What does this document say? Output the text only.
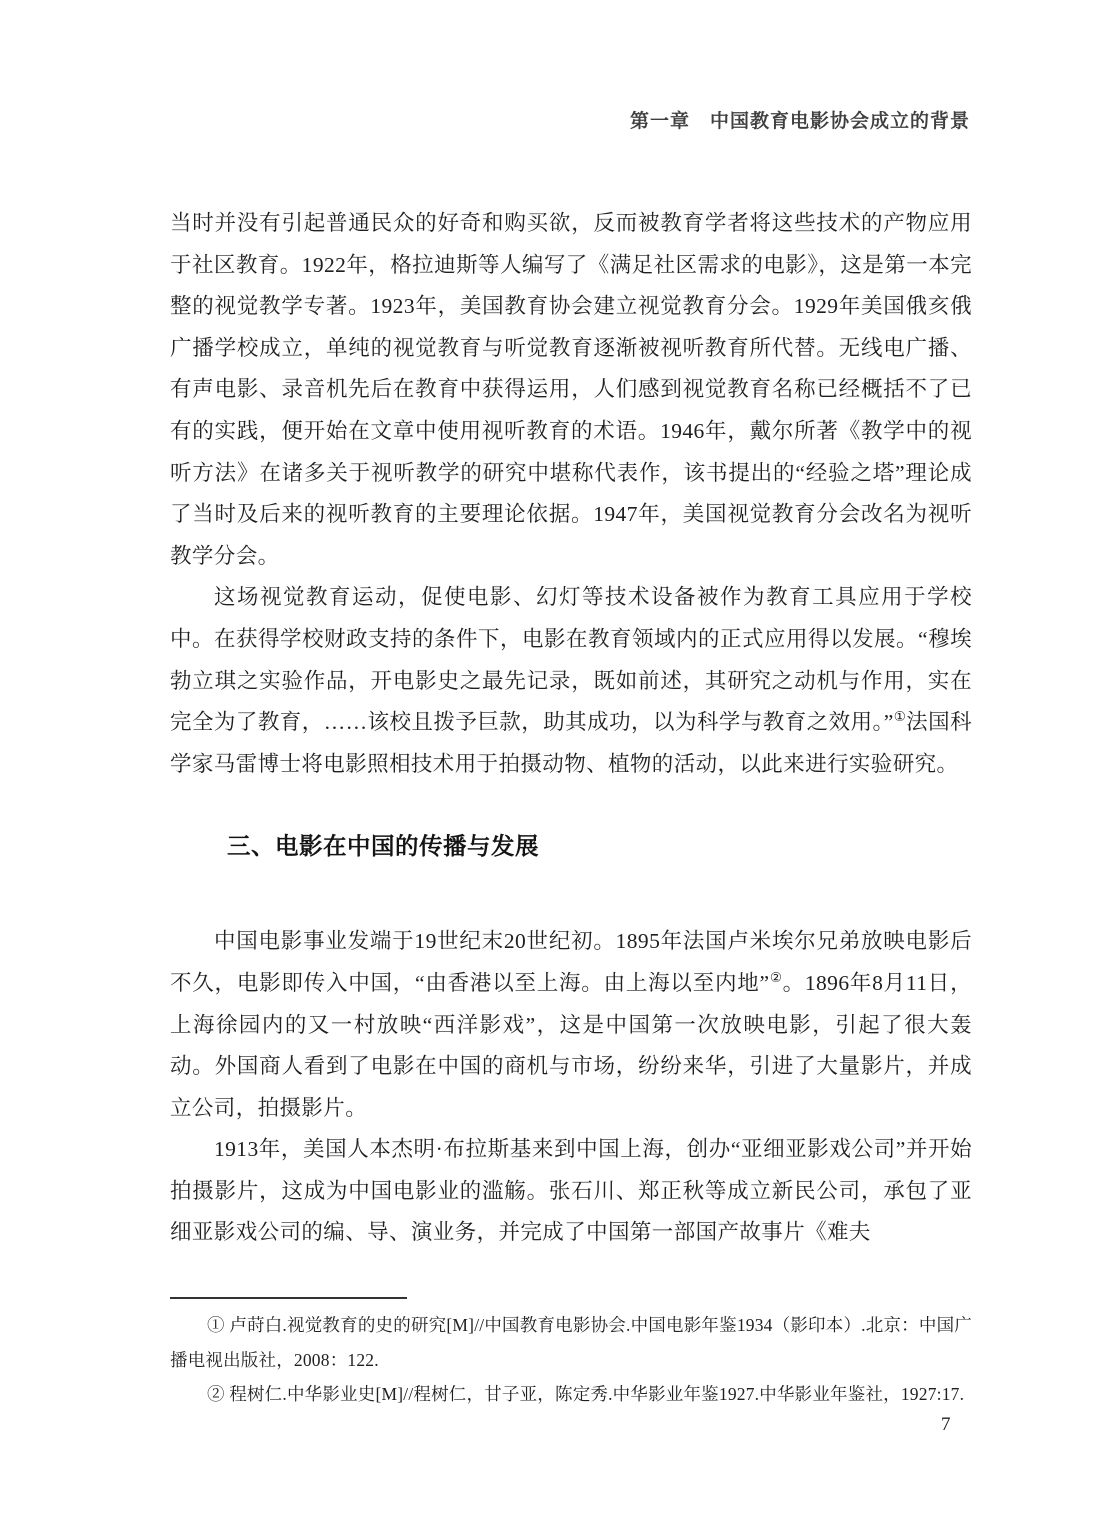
第一章　中国教育电影协会成立的背景

当时并没有引起普通民众的好奇和购买欲，反而被教育学者将这些技术的产物应用于社区教育。1922年，格拉迪斯等人编写了《满足社区需求的电影》，这是第一本完整的视觉教学专著。1923年，美国教育协会建立视觉教育分会。1929年美国俄亥俄广播学校成立，单纯的视觉教育与听觉教育逐渐被视听教育所代替。无线电广播、有声电影、录音机先后在教育中获得运用，人们感到视觉教育名称已经概括不了已有的实践，便开始在文章中使用视听教育的术语。1946年，戴尔所著《教学中的视听方法》在诸多关于视听教学的研究中堪称代表作，该书提出的“经验之塔”理论成了当时及后来的视听教育的主要理论依据。1947年，美国视觉教育分会改名为视听教学分会。

这场视觉教育运动，促使电影、幻灯等技术设备被作为教育工具应用于学校中。在获得学校财政支持的条件下，电影在教育领域内的正式应用得以发展。“穆埃勃立琪之实验作品，开电影史之最先记录，既如前述，其研究之动机与作用，实在完全为了教育，……该校且拨予巨款，助其成功，以为科学与教育之效用。”①法国科学家马雷博士将电影照相技术用于拍摄动物、植物的活动，以此来进行实验研究。

三、电影在中国的传播与发展

中国电影事业发端于19世纪末20世纪初。1895年法国卢米埃尔兄弟放映电影后不久，电影即传入中国，“由香港以至上海。由上海以至内地”②。1896年8月11日，上海徐园内的又一村放映“西洋影戏”，这是中国第一次放映电影，引起了很大轰动。外国商人看到了电影在中国的商机与市场，纷纷来华，引进了大量影片，并成立公司，拍摄影片。

1913年，美国人本杰明·布拉斯基来到中国上海，创办“亚细亚影戏公司”并开始拍摄影片，这成为中国电影业的滥觞。张石川、郑正秋等成立新民公司，承包了亚细亚影戏公司的编、导、演业务，并完成了中国第一部国产故事片《难夫

① 卢莳白.视觉教育的史的研究[M]//中国教育电影协会.中国电影年鉴1934（影印本）.北京：中国广播电视出版社，2008：122.

② 程树仁.中华影业史[M]//程树仁，甘子亚，陈定秀.中华影业年鉴1927.中华影业年鉴社，1927:17.

7
